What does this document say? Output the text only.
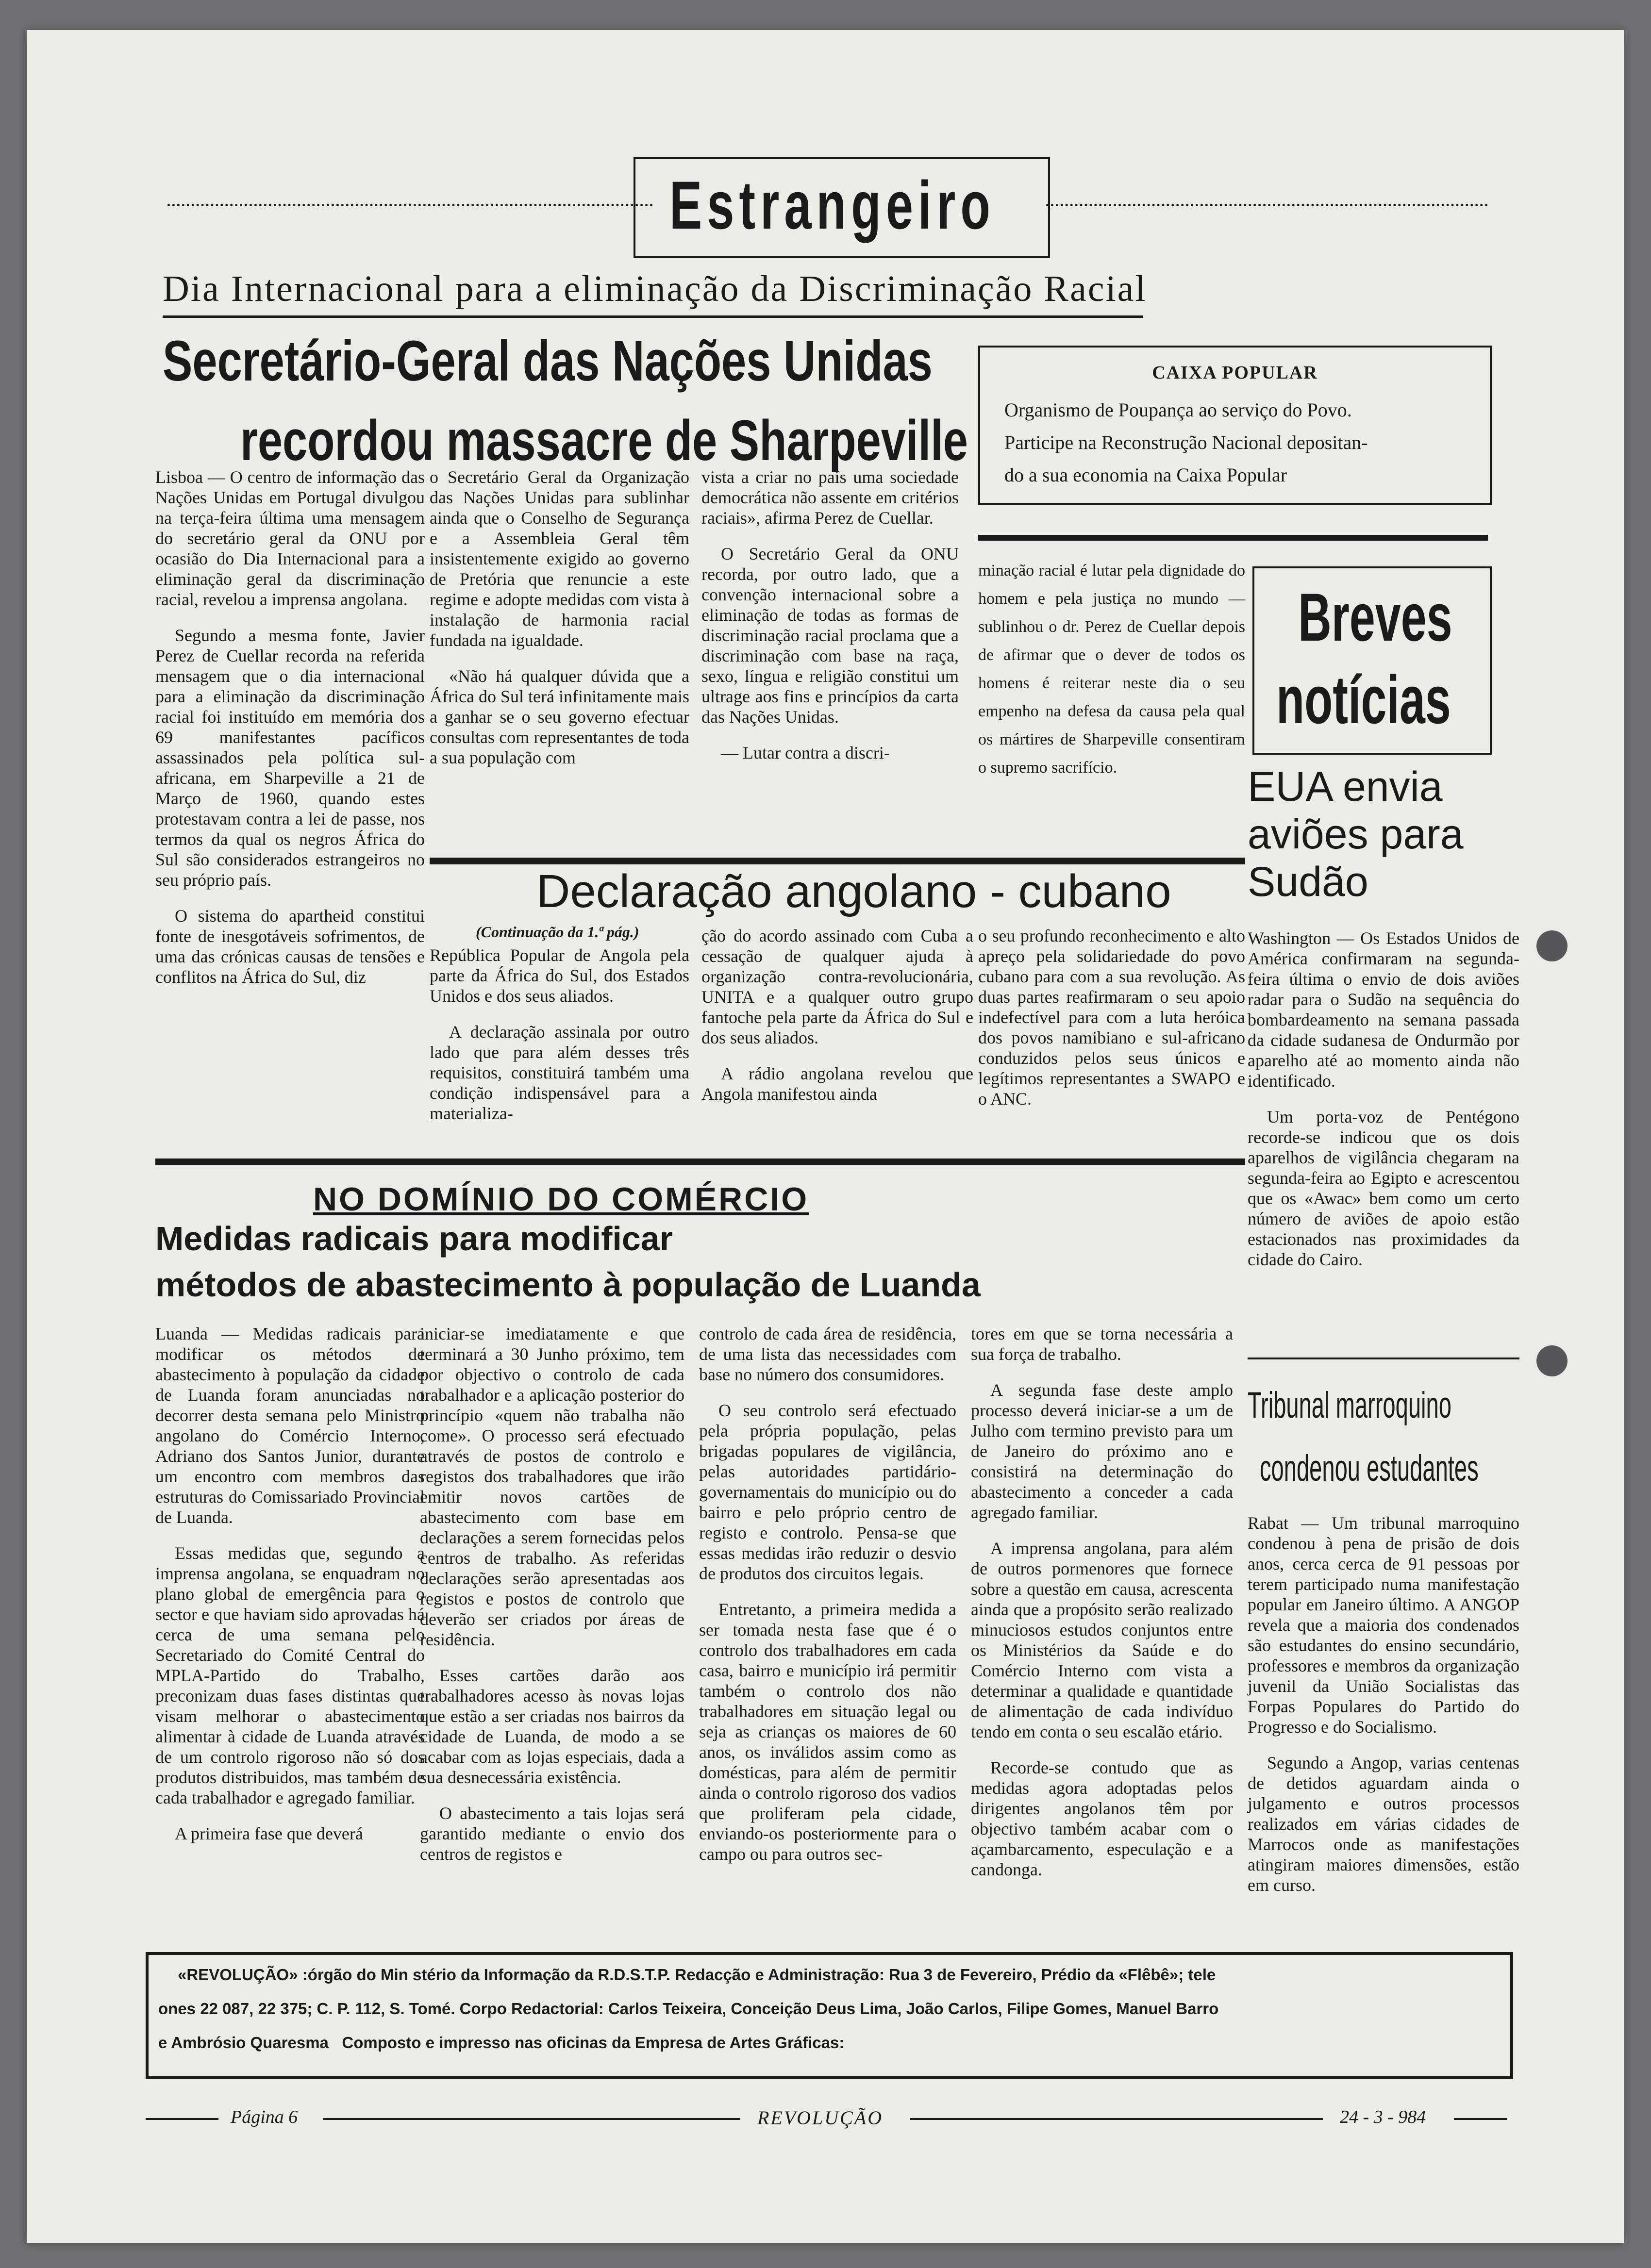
Estrangeiro
Dia Internacional para a eliminação da Discriminação Racial
Secretário-Geral das Nações Unidas
recordou massacre de Sharpeville

Lisboa — O centro de informação das Nações Unidas em Portugal divulgou na terça-feira última uma mensagem do secretário geral da ONU por ocasião do Dia Internacional para a eliminação geral da discriminação racial, revelou a imprensa angolana.

Segundo a mesma fonte, Javier Perez de Cuellar recorda na referida mensagem que o dia internacional para a eliminação da discriminação racial foi instituído em memória dos 69 manifestantes pacíficos assassinados pela política sul-africana, em Sharpeville a 21 de Março de 1960, quando estes protestavam contra a lei de passe, nos termos da qual os negros África do Sul são considerados estrangeiros no seu próprio país.

O sistema do apartheid constitui fonte de inesgotáveis sofrimentos, de uma das crónicas causas de tensões e conflitos na África do Sul, diz

o Secretário Geral da Organização das Nações Unidas para sublinhar ainda que o Conselho de Segurança e a Assembleia Geral têm insistentemente exigido ao governo de Pretória que renuncie a este regime e adopte medidas com vista à instalação de harmonia racial fundada na igualdade.

«Não há qualquer dúvida que a África do Sul terá infinitamente mais a ganhar se o seu governo efectuar consultas com representantes de toda a sua população com

vista a criar no país uma sociedade democrática não assente em critérios raciais», afirma Perez de Cuellar.

O Secretário Geral da ONU recorda, por outro lado, que a convenção internacional sobre a eliminação de todas as formas de discriminação racial proclama que a discriminação com base na raça, sexo, língua e religião constitui um ultrage aos fins e princípios da carta das Nações Unidas.

— Lutar contra a discri-

CAIXA POPULAR
Organismo de Poupança ao serviço do Povo.
Participe na Reconstrução Nacional depositan-
do a sua economia na Caixa Popular

minação racial é lutar pela dignidade do homem e pela justiça no mundo — sublinhou o dr. Perez de Cuellar depois de afirmar que o dever de todos os homens é reiterar neste dia o seu empenho na defesa da causa pela qual os mártires de Sharpeville consentiram o supremo sacrifício.

Breves
notícias
EUA envia
aviões para
Sudão

Washington — Os Estados Unidos de América confirmaram na segunda-feira última o envio de dois aviões radar para o Sudão na sequência do bombardeamento na semana passada da cidade sudanesa de Ondurmão por aparelho até ao momento ainda não identificado.

Um porta-voz de Pentégono recorde-se indicou que os dois aparelhos de vigilância chegaram na segunda-feira ao Egipto e acrescentou que os «Awac» bem como um certo número de aviões de apoio estão estacionados nas proximidades da cidade do Cairo.

Tribunal marroquino
condenou estudantes

Rabat — Um tribunal marroquino condenou à pena de prisão de dois anos, cerca cerca de 91 pessoas por terem participado numa manifestação popular em Janeiro último. A ANGOP revela que a maioria dos condenados são estudantes do ensino secundário, professores e membros da organização juvenil da União Socialistas das Forpas Populares do Partido do Progresso e do Socialismo.

Segundo a Angop, varias centenas de detidos aguardam ainda o julgamento e outros processos realizados em várias cidades de Marrocos onde as manifestações atingiram maiores dimensões, estão em curso.

Declaração angolano - cubano
(Continuação da 1.ª pág.)

República Popular de Angola pela parte da África do Sul, dos Estados Unidos e dos seus aliados.

A declaração assinala por outro lado que para além desses três requisitos, constituirá também uma condição indispensável para a materializa-

ção do acordo assinado com Cuba a cessação de qualquer ajuda à organização contra-revolucionária, UNITA e a qualquer outro grupo fantoche pela parte da África do Sul e dos seus aliados.

A rádio angolana revelou que Angola manifestou ainda

o seu profundo reconhecimento e alto apreço pela solidariedade do povo cubano para com a sua revolução. As duas partes reafirmaram o seu apoio indefectível para com a luta heróica dos povos namibiano e sul-africano conduzidos pelos seus únicos e legítimos representantes a SWAPO e o ANC.

NO DOMÍNIO DO COMÉRCIO
Medidas radicais para modificar
métodos de abastecimento à população de Luanda

Luanda — Medidas radicais para modificar os métodos de abastecimento à população da cidade de Luanda foram anunciadas no decorrer desta semana pelo Ministro angolano do Comércio Interno, Adriano dos Santos Junior, durante um encontro com membros das estruturas do Comissariado Provincial de Luanda.

Essas medidas que, segundo a imprensa angolana, se enquadram no plano global de emergência para o sector e que haviam sido aprovadas há cerca de uma semana pelo Secretariado do Comité Central do MPLA-Partido do Trabalho, preconizam duas fases distintas que visam melhorar o abastecimento alimentar à cidade de Luanda através de um controlo rigoroso não só dos produtos distribuidos, mas também de cada trabalhador e agregado familiar.

A primeira fase que deverá

iniciar-se imediatamente e que terminará a 30 Junho próximo, tem por objectivo o controlo de cada trabalhador e a aplicação posterior do princípio «quem não trabalha não come». O processo será efectuado através de postos de controlo e registos dos trabalhadores que irão emitir novos cartões de abastecimento com base em declarações a serem fornecidas pelos centros de trabalho. As referidas declarações serão apresentadas aos registos e postos de controlo que deverão ser criados por áreas de residência.

Esses cartões darão aos trabalhadores acesso às novas lojas que estão a ser criadas nos bairros da cidade de Luanda, de modo a se acabar com as lojas especiais, dada a sua desnecessária existência.

O abastecimento a tais lojas será garantido mediante o envio dos centros de registos e

controlo de cada área de residência, de uma lista das necessidades com base no número dos consumidores.

O seu controlo será efectuado pela própria população, pelas brigadas populares de vigilância, pelas autoridades partidário-governamentais do município ou do bairro e pelo próprio centro de registo e controlo. Pensa-se que essas medidas irão reduzir o desvio de produtos dos circuitos legais.

Entretanto, a primeira medida a ser tomada nesta fase que é o controlo dos trabalhadores em cada casa, bairro e município irá permitir também o controlo dos não trabalhadores em situação legal ou seja as crianças os maiores de 60 anos, os inválidos assim como as domésticas, para além de permitir ainda o controlo rigoroso dos vadios que proliferam pela cidade, enviando-os posteriormente para o campo ou para outros sec-

tores em que se torna necessária a sua força de trabalho.

A segunda fase deste amplo processo deverá iniciar-se a um de Julho com termino previsto para um de Janeiro do próximo ano e consistirá na determinação do abastecimento a conceder a cada agregado familiar.

A imprensa angolana, para além de outros pormenores que fornece sobre a questão em causa, acrescenta ainda que a propósito serão realizado minuciosos estudos conjuntos entre os Ministérios da Saúde e do Comércio Interno com vista a determinar a qualidade e quantidade de alimentação de cada indivíduo tendo em conta o seu escalão etário.

Recorde-se contudo que as medidas agora adoptadas pelos dirigentes angolanos têm por objectivo também acabar com o açambarcamento, especulação e a candonga.

«REVOLUÇÃO» :órgão do Min stério da Informação da R.D.S.T.P. Redacção e Administração: Rua 3 de Fevereiro, Prédio da «Flêbê»; tele
ones 22 087, 22 375; C. P. 112, S. Tomé. Corpo Redactorial: Carlos Teixeira, Conceição Deus Lima, João Carlos, Filipe Gomes, Manuel Barro
e Ambrósio Quaresma   Composto e impresso nas oficinas da Empresa de Artes Gráficas:
Página 6	REVOLUÇÃO	24 - 3 - 984
